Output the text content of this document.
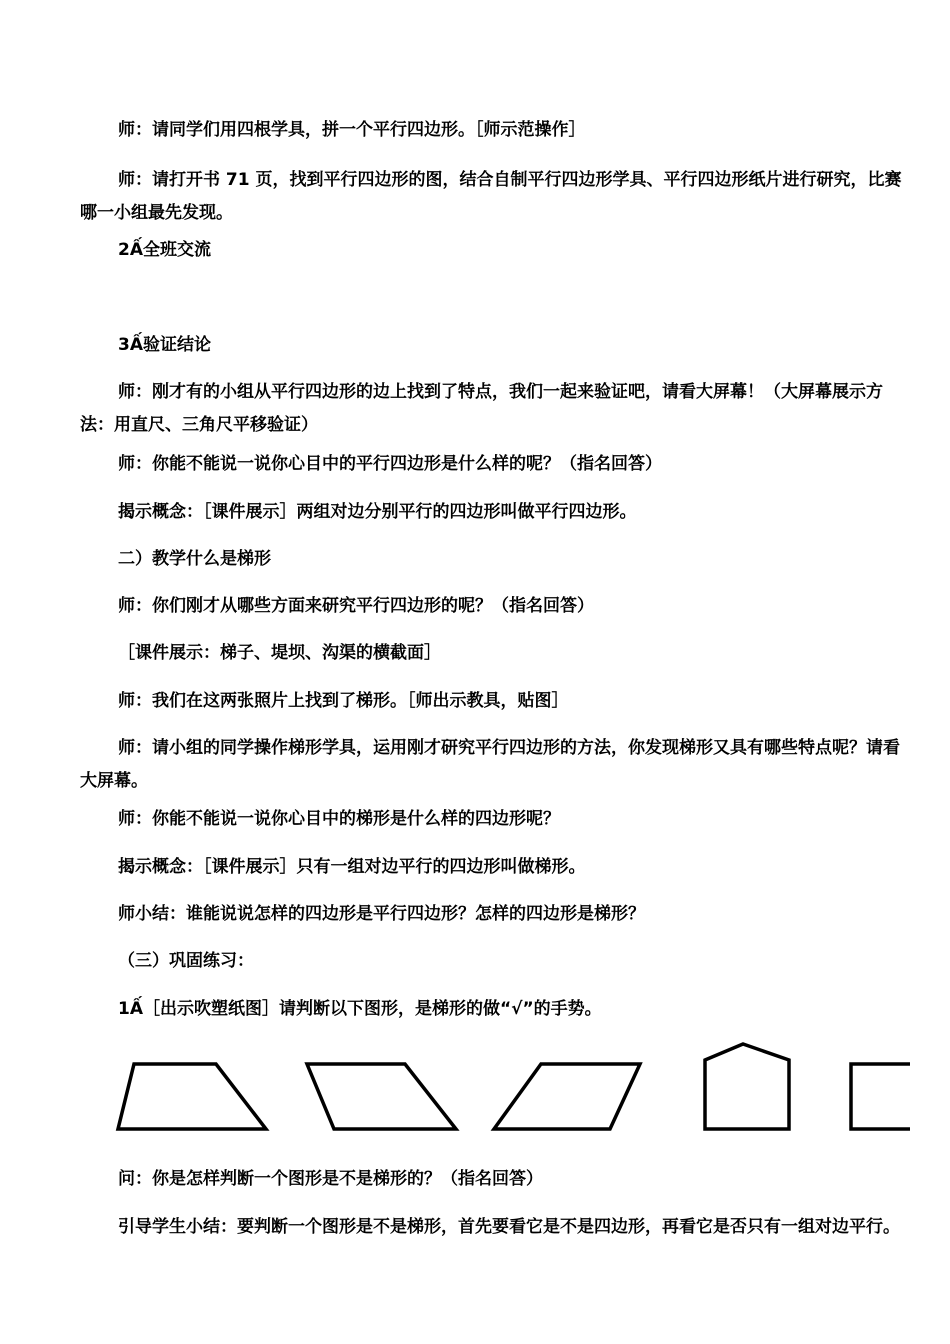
师：请同学们用四根学具，拼一个平行四边形。［师示范操作］
师：请打开书 71 页，找到平行四边形的图，结合自制平行四边形学具、平行四边形纸片进行研究，比赛哪一小组最先发现。
2Ấ全班交流
3Ấ验证结论
师：刚才有的小组从平行四边形的边上找到了特点，我们一起来验证吧，请看大屏幕！（大屏幕展示方法：用直尺、三角尺平移验证）
师：你能不能说一说你心目中的平行四边形是什么样的呢？（指名回答）
揭示概念：［课件展示］两组对边分别平行的四边形叫做平行四边形。
二）教学什么是梯形
师：你们刚才从哪些方面来研究平行四边形的呢？（指名回答）
［课件展示：梯子、堤坝、沟渠的横截面］
师：我们在这两张照片上找到了梯形。［师出示教具，贴图］
师：请小组的同学操作梯形学具，运用刚才研究平行四边形的方法，你发现梯形又具有哪些特点呢？请看大屏幕。
师：你能不能说一说你心目中的梯形是什么样的四边形呢？
揭示概念：［课件展示］只有一组对边平行的四边形叫做梯形。
师小结：谁能说说怎样的四边形是平行四边形？怎样的四边形是梯形？
（三）巩固练习：
1Ấ［出示吹塑纸图］请判断以下图形，是梯形的做“√”的手势。
问：你是怎样判断一个图形是不是梯形的？（指名回答）
引导学生小结：要判断一个图形是不是梯形，首先要看它是不是四边形，再看它是否只有一组对边平行。
